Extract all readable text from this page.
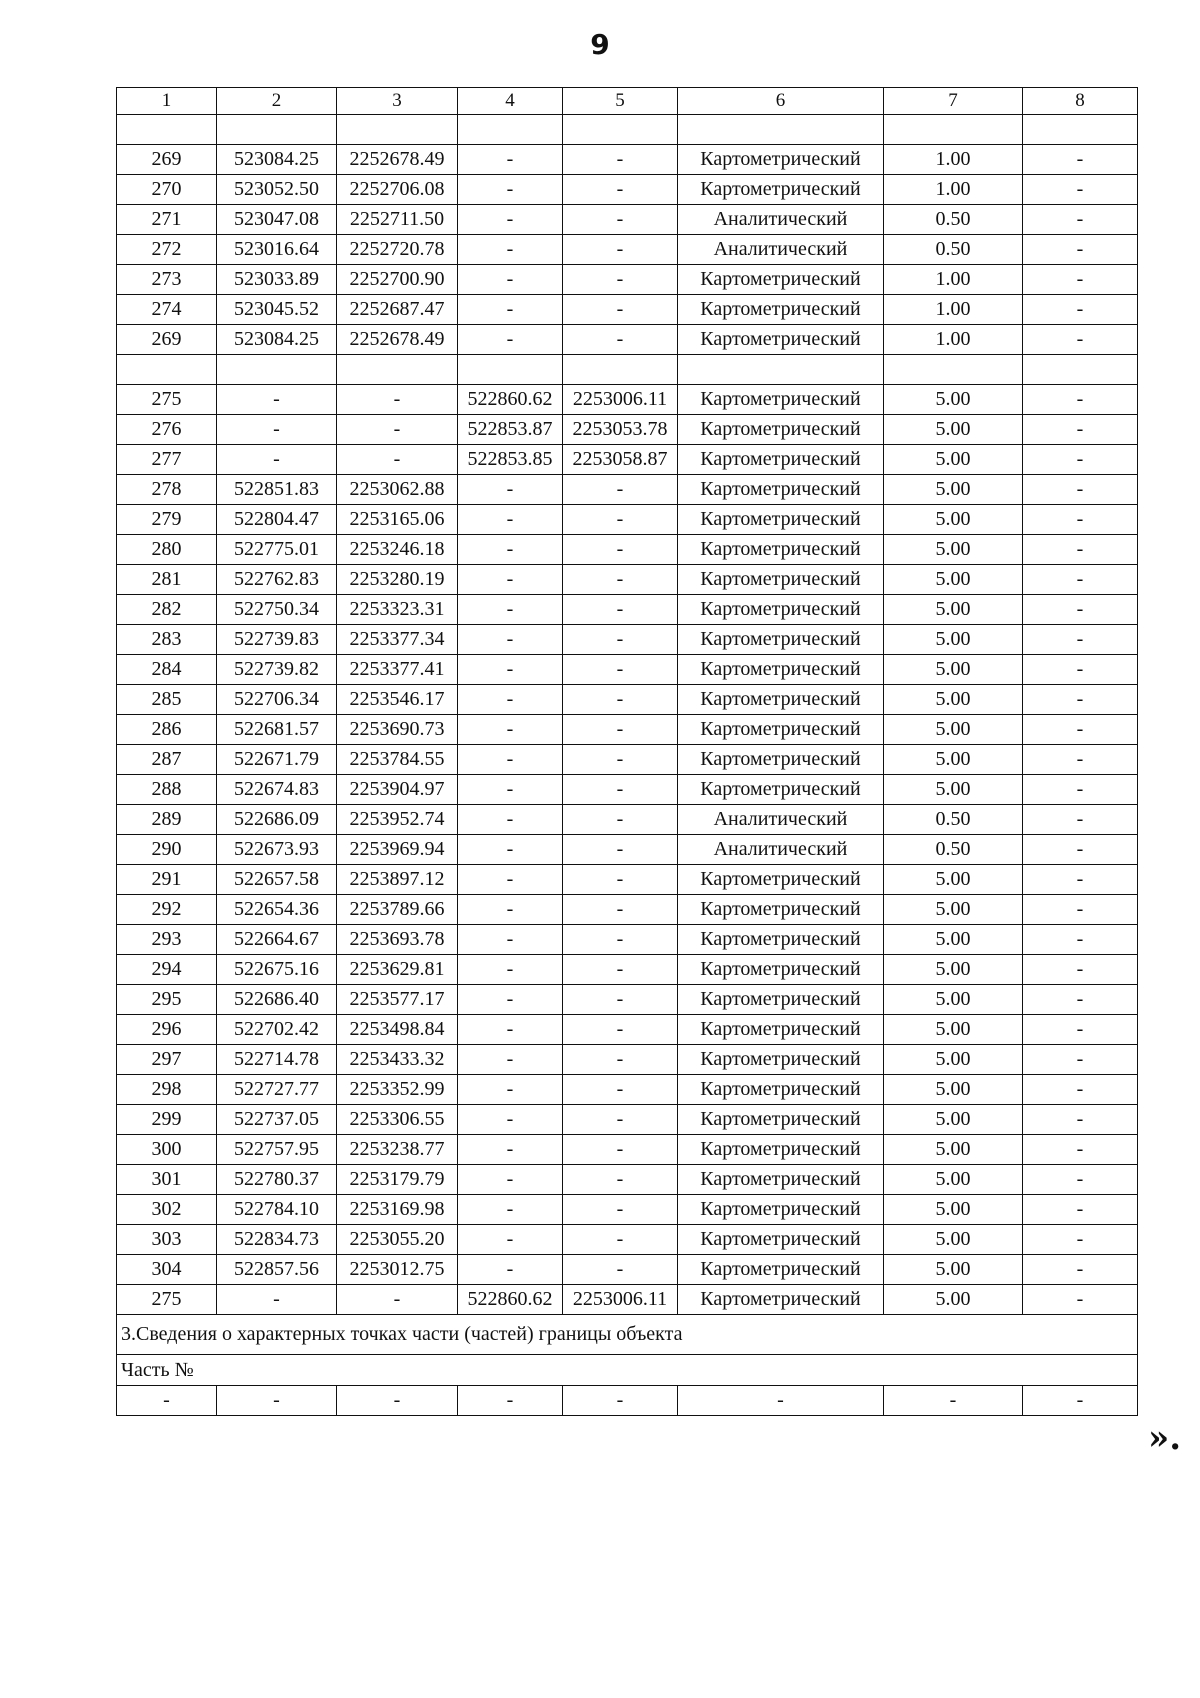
9
1	2	3	4	5	6	7	8

269	523084.25	2252678.49	-	-	Картометрический	1.00	-
270	523052.50	2252706.08	-	-	Картометрический	1.00	-
271	523047.08	2252711.50	-	-	Аналитический	0.50	-
272	523016.64	2252720.78	-	-	Аналитический	0.50	-
273	523033.89	2252700.90	-	-	Картометрический	1.00	-
274	523045.52	2252687.47	-	-	Картометрический	1.00	-
269	523084.25	2252678.49	-	-	Картометрический	1.00	-

275	-	-	522860.62	2253006.11	Картометрический	5.00	-
276	-	-	522853.87	2253053.78	Картометрический	5.00	-
277	-	-	522853.85	2253058.87	Картометрический	5.00	-
278	522851.83	2253062.88	-	-	Картометрический	5.00	-
279	522804.47	2253165.06	-	-	Картометрический	5.00	-
280	522775.01	2253246.18	-	-	Картометрический	5.00	-
281	522762.83	2253280.19	-	-	Картометрический	5.00	-
282	522750.34	2253323.31	-	-	Картометрический	5.00	-
283	522739.83	2253377.34	-	-	Картометрический	5.00	-
284	522739.82	2253377.41	-	-	Картометрический	5.00	-
285	522706.34	2253546.17	-	-	Картометрический	5.00	-
286	522681.57	2253690.73	-	-	Картометрический	5.00	-
287	522671.79	2253784.55	-	-	Картометрический	5.00	-
288	522674.83	2253904.97	-	-	Картометрический	5.00	-
289	522686.09	2253952.74	-	-	Аналитический	0.50	-
290	522673.93	2253969.94	-	-	Аналитический	0.50	-
291	522657.58	2253897.12	-	-	Картометрический	5.00	-
292	522654.36	2253789.66	-	-	Картометрический	5.00	-
293	522664.67	2253693.78	-	-	Картометрический	5.00	-
294	522675.16	2253629.81	-	-	Картометрический	5.00	-
295	522686.40	2253577.17	-	-	Картометрический	5.00	-
296	522702.42	2253498.84	-	-	Картометрический	5.00	-
297	522714.78	2253433.32	-	-	Картометрический	5.00	-
298	522727.77	2253352.99	-	-	Картометрический	5.00	-
299	522737.05	2253306.55	-	-	Картометрический	5.00	-
300	522757.95	2253238.77	-	-	Картометрический	5.00	-
301	522780.37	2253179.79	-	-	Картометрический	5.00	-
302	522784.10	2253169.98	-	-	Картометрический	5.00	-
303	522834.73	2253055.20	-	-	Картометрический	5.00	-
304	522857.56	2253012.75	-	-	Картометрический	5.00	-
275	-	-	522860.62	2253006.11	Картометрический	5.00	-
3.Сведения о характерных точках части (частей) границы объекта							
Часть №							
-	-	-	-	-	-	-	-
».
